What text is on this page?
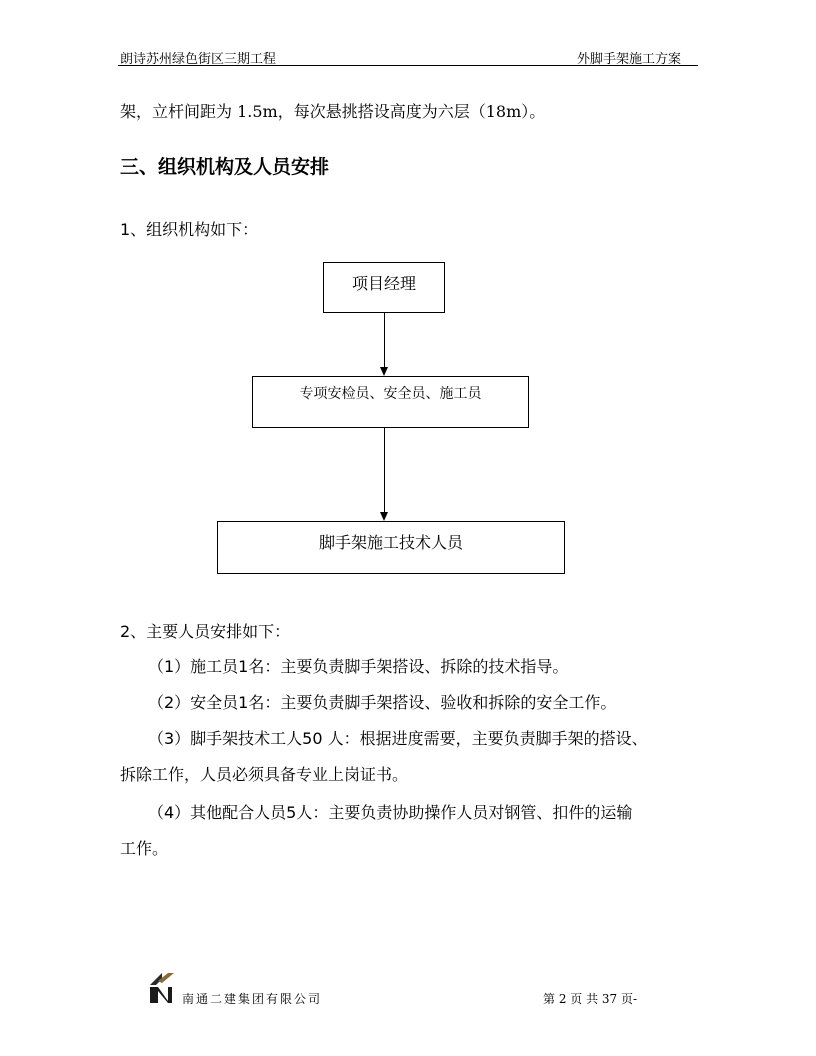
朗诗苏州绿色街区三期工程	外脚手架施工方案
架，立杆间距为 1.5m，每次悬挑搭设高度为六层（18m）。
三、组织机构及人员安排
1、组织机构如下：
项目经理
专项安检员、安全员、施工员
脚手架施工技术人员
2、主要人员安排如下：
（1）施工员1名：主要负责脚手架搭设、拆除的技术指导。
（2）安全员1名：主要负责脚手架搭设、验收和拆除的安全工作。
（3）脚手架技术工人50 人：根据进度需要，主要负责脚手架的搭设、
拆除工作，人员必须具备专业上岗证书。
（4）其他配合人员5人：主要负责协助操作人员对钢管、扣件的运输
工作。
南通二建集团有限公司	第 2 页 共 37 页-
